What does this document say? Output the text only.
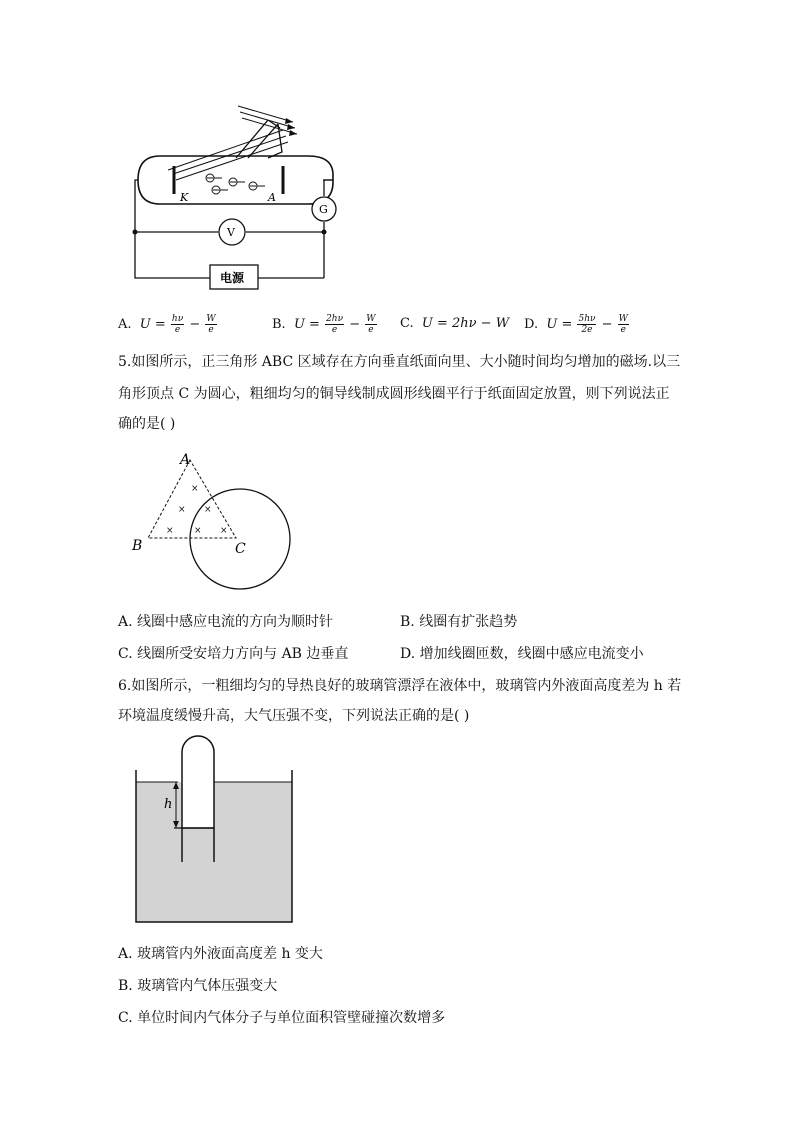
K	A
G
V
电源
A. $U = \frac{h\nu}{e} - \frac{W}{e}$	B. $U = \frac{2h\nu}{e} - \frac{W}{e} C$. U = 2hν − W D. $U = \frac{5h\nu}{2e} - \frac{W}{e}$
5.如图所示，正三角形 ABC 区域存在方向垂直纸面向里、大小随时间均匀增加的磁场.以三
角形顶点 C 为圆心，粗细均匀的铜导线制成圆形线圈平行于纸面固定放置，则下列说法正
确的是( )
×
× ×
× × ×
A
B	C
A. 线圈中感应电流的方向为顺时针	B. 线圈有扩张趋势
C. 线圈所受安培力方向与 AB 边垂直	D. 增加线圈匝数，线圈中感应电流变小
6.如图所示，一粗细均匀的导热良好的玻璃管漂浮在液体中，玻璃管内外液面高度差为 h 若
环境温度缓慢升高，大气压强不变，下列说法正确的是( )
h
A. 玻璃管内外液面高度差 h 变大
B. 玻璃管内气体压强变大
C. 单位时间内气体分子与单位面积管壁碰撞次数增多
